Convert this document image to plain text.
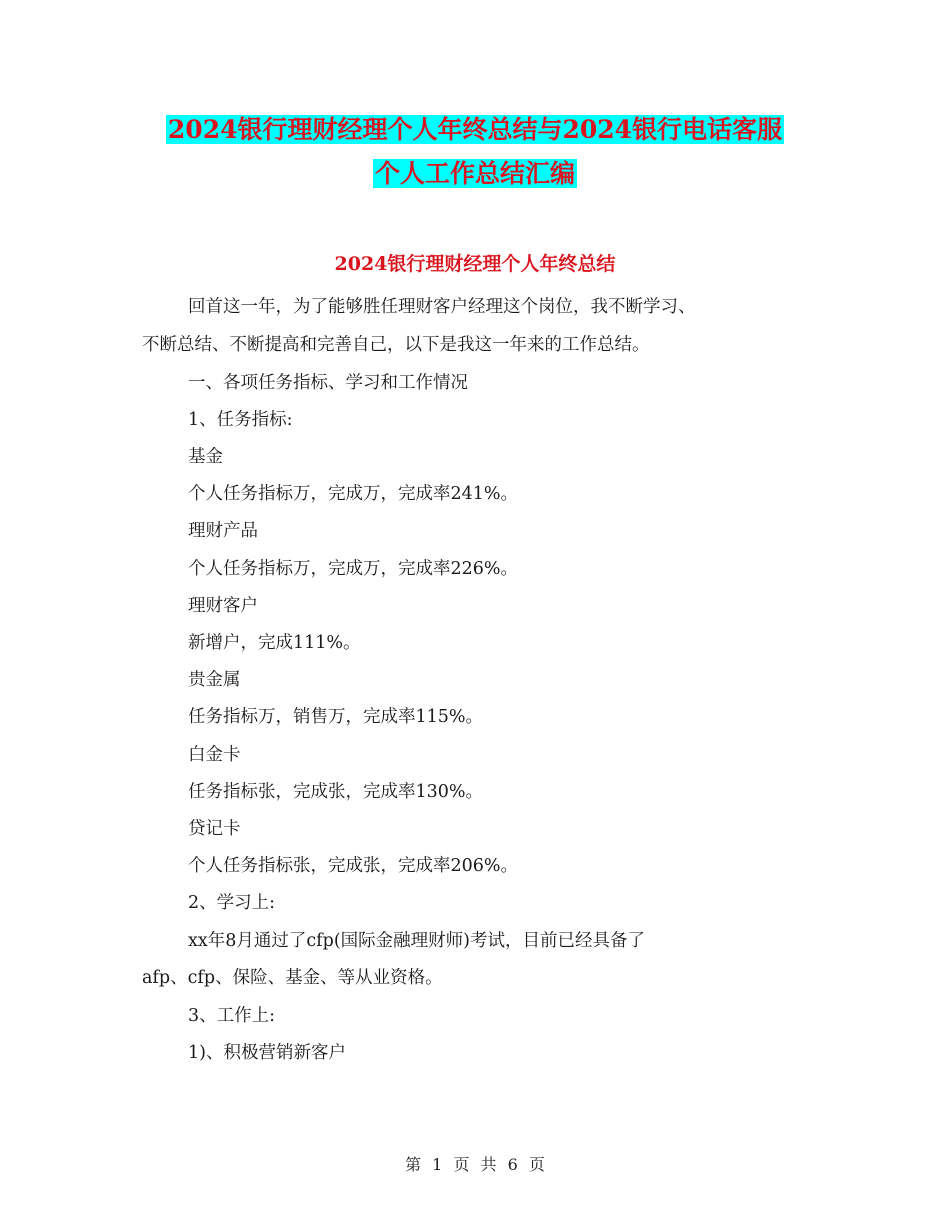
2024银行理财经理个人年终总结与2024银行电话客服
个人工作总结汇编
2024银行理财经理个人年终总结
回首这一年，为了能够胜任理财客户经理这个岗位，我不断学习、
不断总结、不断提高和完善自己，以下是我这一年来的工作总结。
一、各项任务指标、学习和工作情况
1、任务指标:
基金
个人任务指标万，完成万，完成率241%。
理财产品
个人任务指标万，完成万，完成率226%。
理财客户
新增户，完成111%。
贵金属
任务指标万，销售万，完成率115%。
白金卡
任务指标张，完成张，完成率130%。
贷记卡
个人任务指标张，完成张，完成率206%。
2、学习上:
xx年8月通过了cfp(国际金融理财师)考试，目前已经具备了
afp、cfp、保险、基金、等从业资格。
3、工作上:
1)、积极营销新客户
第 1 页 共 6 页
